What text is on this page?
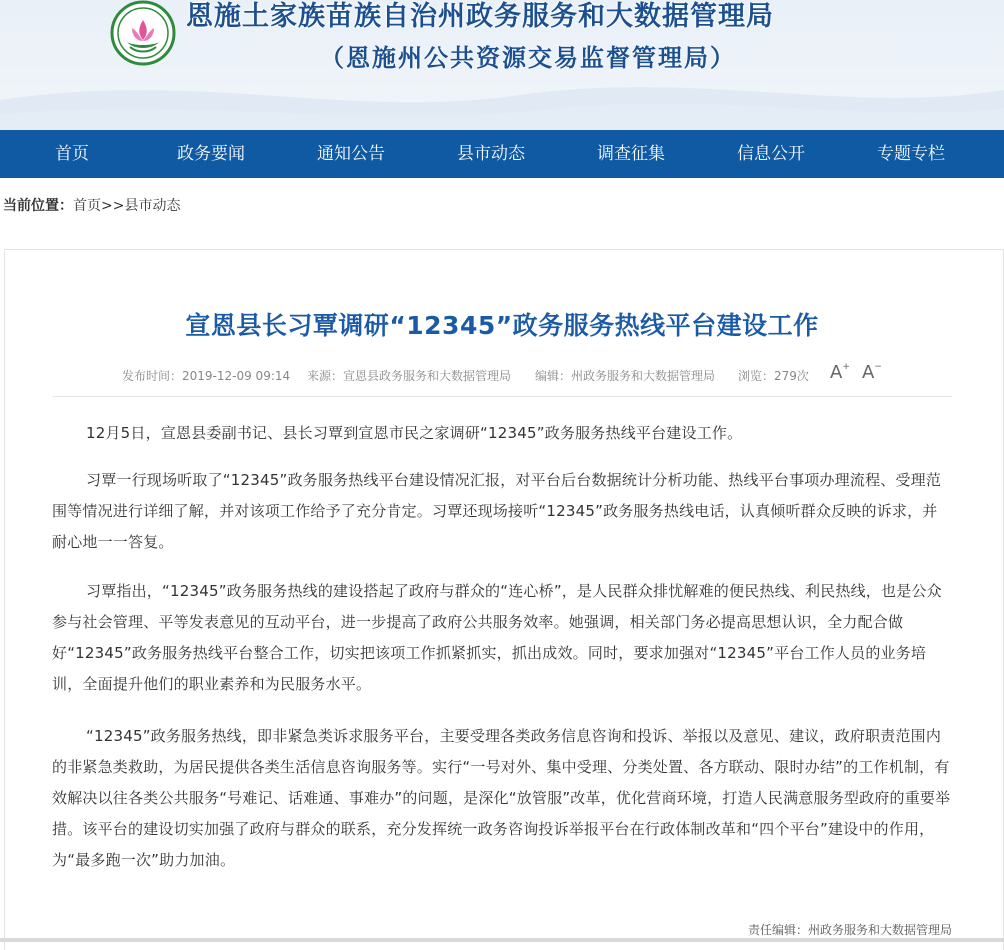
恩施土家族苗族自治州政务服务和大数据管理局
（恩施州公共资源交易监督管理局）
首页	政务要闻	通知公告	县市动态	调查征集	信息公开	专题专栏
当前位置：首页>>县市动态
宣恩县长习覃调研“12345”政务服务热线平台建设工作
发布时间：2019-12-09 09:14 来源：宣恩县政务服务和大数据管理局 编辑：州政务服务和大数据管理局 浏览：279次 A+ A−
12月5日，宣恩县委副书记、县长习覃到宣恩市民之家调研“12345”政务服务热线平台建设工作。
习覃一行现场听取了“12345”政务服务热线平台建设情况汇报，对平台后台数据统计分析功能、热线平台事项办理流程、受理范围等情况进行详细了解，并对该项工作给予了充分肯定。习覃还现场接听“12345”政务服务热线电话，认真倾听群众反映的诉求，并耐心地一一答复。
习覃指出，“12345”政务服务热线的建设搭起了政府与群众的“连心桥”，是人民群众排忧解难的便民热线、利民热线，也是公众参与社会管理、平等发表意见的互动平台，进一步提高了政府公共服务效率。她强调，相关部门务必提高思想认识，全力配合做好“12345”政务服务热线平台整合工作，切实把该项工作抓紧抓实，抓出成效。同时，要求加强对“12345”平台工作人员的业务培训，全面提升他们的职业素养和为民服务水平。
“12345”政务服务热线，即非紧急类诉求服务平台，主要受理各类政务信息咨询和投诉、举报以及意见、建议，政府职责范围内的非紧急类救助，为居民提供各类生活信息咨询服务等。实行“一号对外、集中受理、分类处置、各方联动、限时办结”的工作机制，有效解决以往各类公共服务“号难记、话难通、事难办”的问题，是深化“放管服”改革，优化营商环境，打造人民满意服务型政府的重要举措。该平台的建设切实加强了政府与群众的联系，充分发挥统一政务咨询投诉举报平台在行政体制改革和“四个平台”建设中的作用，为“最多跑一次”助力加油。
责任编辑：州政务服务和大数据管理局
